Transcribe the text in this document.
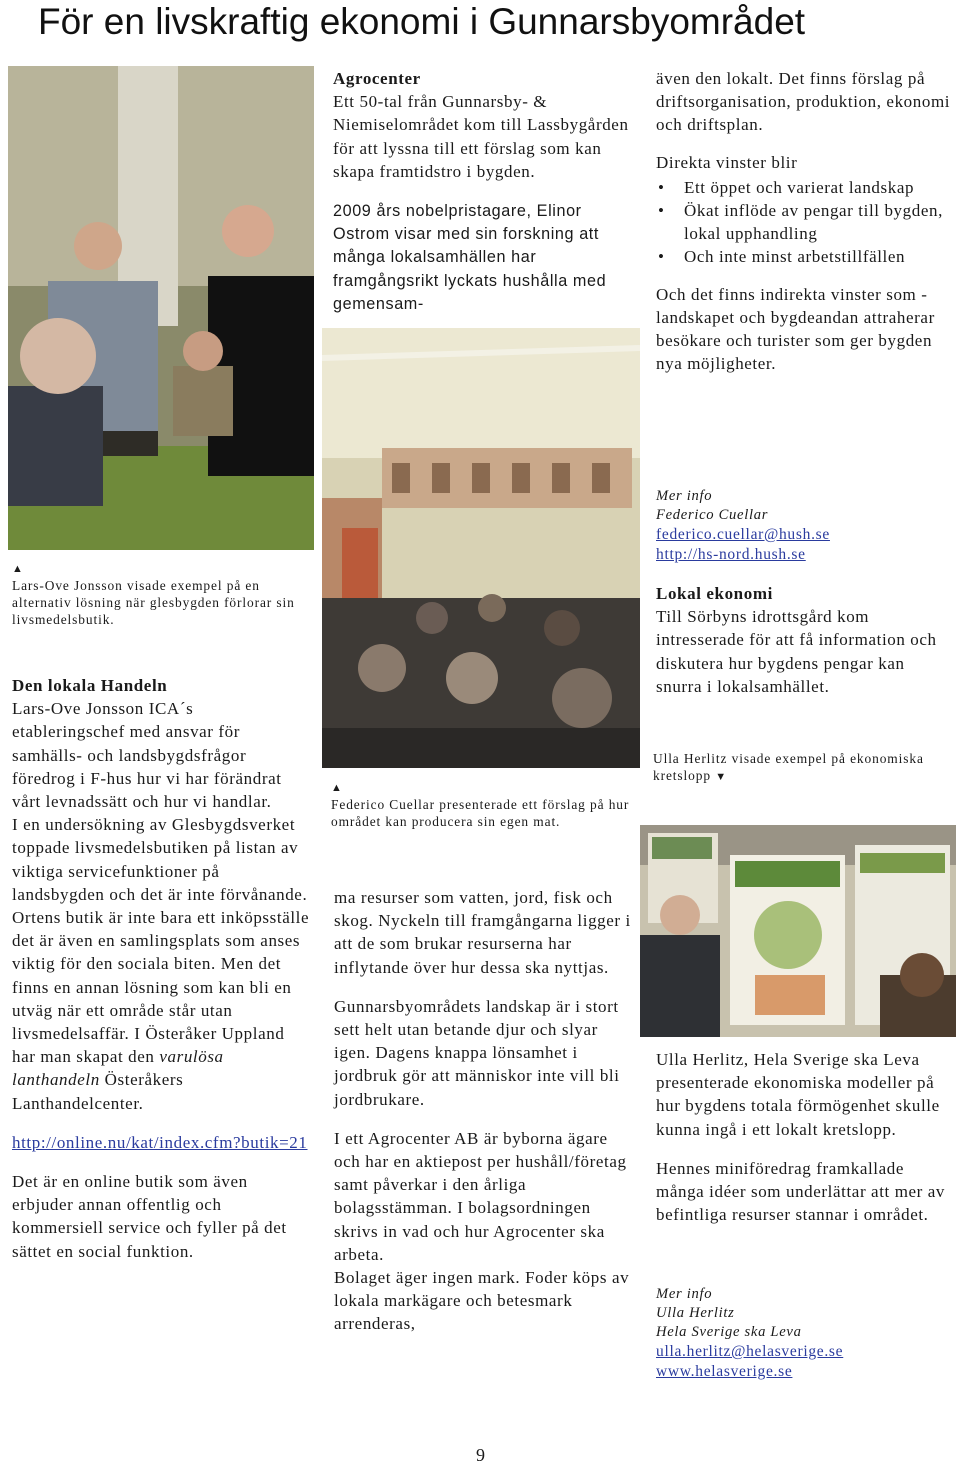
För en livskraftig ekonomi i Gunnarsbyområdet
▲
Lars-Ove Jonsson visade exempel på en alternativ lösning när glesbygden förlorar sin livsmedelsbutik.

Den lokala Handeln

Lars-Ove Jonsson ICA´s etableringschef med ansvar för samhälls- och landsbygdsfrågor föredrog i F-hus hur vi har förändrat vårt levnadssätt och hur vi handlar.

I en undersökning av Glesbygdsverket toppade livsmedelsbutiken på listan av viktiga servicefunktioner på landsbygden och det är inte förvånande. Ortens butik är inte bara ett inköpsställe det är även en samlingsplats som anses viktig för den sociala biten. Men det finns en annan lösning som kan bli en utväg när ett område står utan livsmedelsaffär. I Österåker Uppland har man skapat den varulösa lanthandeln Österåkers Lanthandelcenter.

http://online.nu/kat/index.cfm?butik=21

Det är en online butik som även erbjuder annan offentlig och kommersiell service och fyller på det sättet en social funktion.

Agrocenter

Ett 50-tal från Gunnarsby- & Niemiselområdet kom till Lassbygården för att lyssna till ett förslag som kan skapa framtidstro i bygden.

2009 års nobelpristagare, Elinor Ostrom visar med sin forskning att många lokalsamhällen har framgångsrikt lyckats hushålla med gemensam-

▲
Federico Cuellar presenterade ett förslag på hur området kan producera sin egen mat.

ma resurser som vatten, jord, fisk och skog. Nyckeln till framgångarna ligger i att de som brukar resurserna har inflytande över hur dessa ska nyttjas.

Gunnarsbyområdets landskap är i stort sett helt utan betande djur och slyar igen. Dagens knappa lönsamhet i jordbruk gör att människor inte vill bli jordbrukare.

I ett Agrocenter AB är byborna ägare och har en aktiepost per hushåll/företag samt påverkar i den årliga bolagsstämman. I bolagsordningen skrivs in vad och hur Agrocenter ska arbeta.

Bolaget äger ingen mark. Foder köps av lokala markägare och betesmark arrenderas,

även den lokalt. Det finns förslag på driftsorganisation, produktion, ekonomi och driftsplan.

Direkta vinster blir

• Ett öppet och varierat landskap
• Ökat inflöde av pengar till bygden, lokal upphandling
• Och inte minst arbetstillfällen

Och det finns indirekta vinster som - landskapet och bygdeandan attraherar besökare och turister som ger bygden nya möjligheter.

Mer info
Federico Cuellar
federico.cuellar@hush.se
http://hs-nord.hush.se

Lokal ekonomi

Till Sörbyns idrottsgård kom intresserade för att få information och diskutera hur bygdens pengar kan snurra i lokalsamhället.

Ulla Herlitz visade exempel på ekonomiska kretslopp ▼

Ulla Herlitz, Hela Sverige ska Leva presenterade ekonomiska modeller på hur bygdens totala förmögenhet skulle kunna ingå i ett lokalt kretslopp.

Hennes miniföredrag framkallade många idéer som underlättar att mer av befintliga resurser stannar i området.

Mer info
Ulla Herlitz
Hela Sverige ska Leva
ulla.herlitz@helasverige.se
www.helasverige.se
9
